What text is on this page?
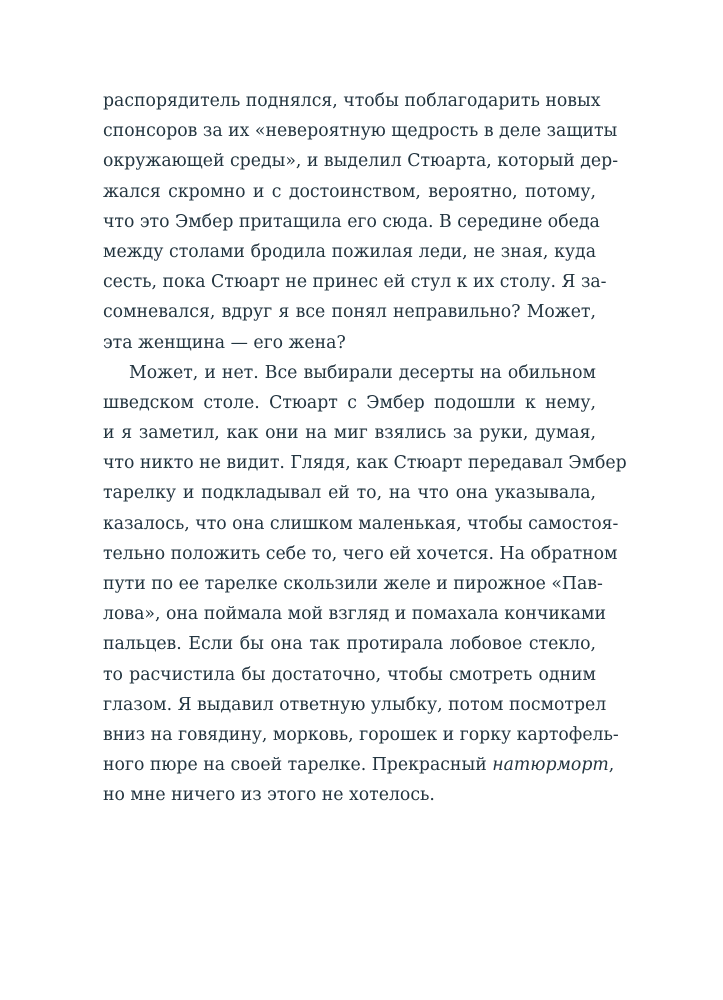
распорядитель поднялся, чтобы поблагодарить новых
спонсоров за их «невероятную щедрость в деле защиты
окружающей среды», и выделил Стюарта, который дер-
жался скромно и с достоинством, вероятно, потому,
что это Эмбер притащила его сюда. В середине обеда
между столами бродила пожилая леди, не зная, куда
сесть, пока Стюарт не принес ей стул к их столу. Я за-
сомневался, вдруг я все понял неправильно? Может,
эта женщина — его жена?
Может, и нет. Все выбирали десерты на обильном
шведском столе. Стюарт с Эмбер подошли к нему,
и я заметил, как они на миг взялись за руки, думая,
что никто не видит. Глядя, как Стюарт передавал Эмбер
тарелку и подкладывал ей то, на что она указывала,
казалось, что она слишком маленькая, чтобы самостоя-
тельно положить себе то, чего ей хочется. На обратном
пути по ее тарелке скользили желе и пирожное «Пав-
лова», она поймала мой взгляд и помахала кончиками
пальцев. Если бы она так протирала лобовое стекло,
то расчистила бы достаточно, чтобы смотреть одним
глазом. Я выдавил ответную улыбку, потом посмотрел
вниз на говядину, морковь, горошек и горку картофель-
ного пюре на своей тарелке. Прекрасный натюрморт,
но мне ничего из этого не хотелось.
